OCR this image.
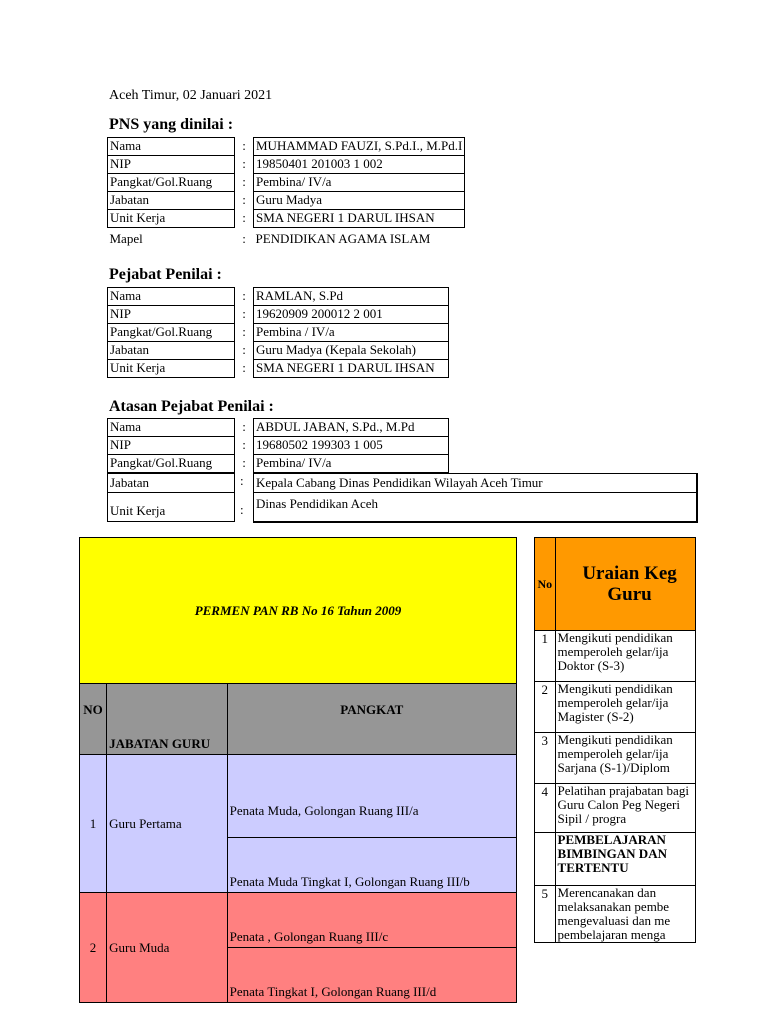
Aceh Timur, 02 Januari 2021
PNS yang dinilai :
Nama	:	MUHAMMAD FAUZI, S.Pd.I., M.Pd.I
NIP	:	19850401 201003 1 002
Pangkat/Gol.Ruang	:	Pembina/ IV/a
Jabatan	:	Guru Madya
Unit Kerja	:	SMA NEGERI 1 DARUL IHSAN
Mapel	:	PENDIDIKAN AGAMA ISLAM
Pejabat Penilai :
Nama	:	RAMLAN, S.Pd
NIP	:	19620909 200012 2 001
Pangkat/Gol.Ruang	:	Pembina / IV/a
Jabatan	:	Guru Madya (Kepala Sekolah)
Unit Kerja	:	SMA NEGERI 1 DARUL IHSAN
Atasan Pejabat Penilai :
Nama	:	ABDUL JABAN, S.Pd., M.Pd
NIP	:	19680502 199303 1 005
Pangkat/Gol.Ruang	:	Pembina/ IV/a
Jabatan	: Kepala Cabang Dinas Pendidikan Wilayah Aceh Timur
Unit Kerja	: Dinas Pendidikan Aceh
PERMEN PAN RB No 16 Tahun 2009		
NO	JABATAN GURU	PANGKAT
1	Guru Pertama	Penata Muda, Golongan Ruang III/a
		Penata Muda Tingkat I, Golongan Ruang III/b
2	Guru Muda	Penata , Golongan Ruang III/c
		Penata Tingkat I, Golongan Ruang III/d
No	Uraian Keg Guru

1	Mengikuti pendidikan memperoleh gelar/ija Doktor (S-3)
2	Mengikuti pendidikan memperoleh gelar/ija Magister (S-2)
3	Mengikuti pendidikan memperoleh gelar/ija Sarjana (S-1)/Diplom
4	Pelatihan prajabatan bagi Guru Calon Peg Negeri Sipil / progra
	PEMBELAJARAN BIMBINGAN DAN TERTENTU
5	Merencanakan dan melaksanakan pembe mengevaluasi dan me pembelajaran menga
